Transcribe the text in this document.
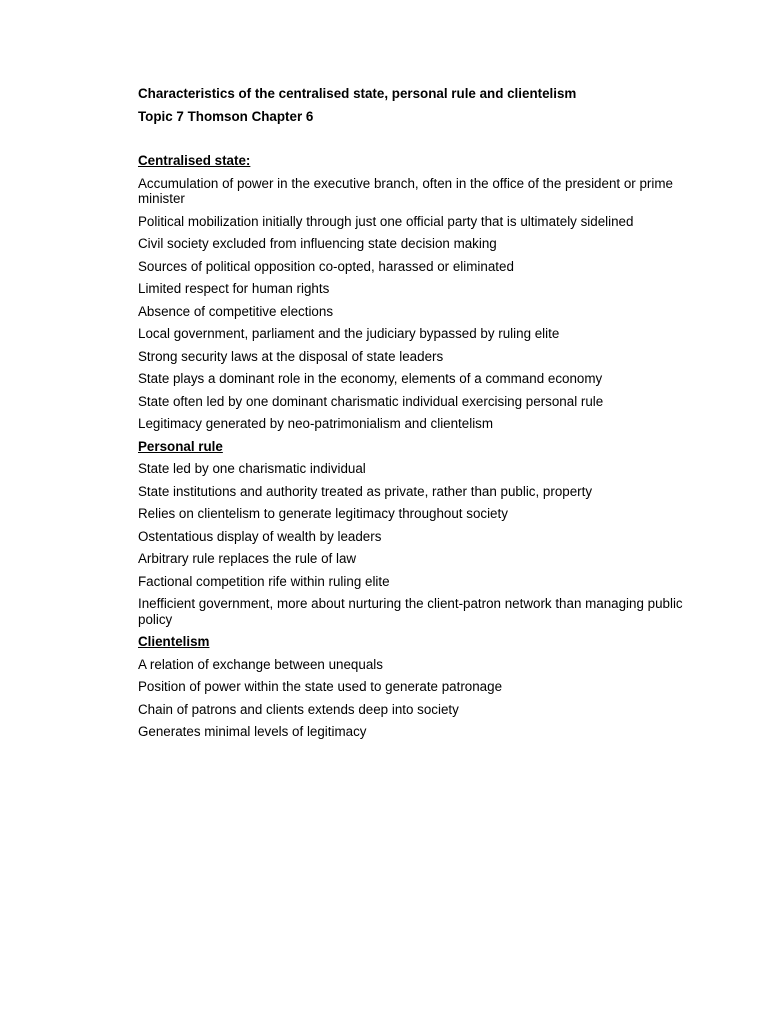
Characteristics of the centralised state, personal rule and clientelism
Topic 7 Thomson Chapter 6
Centralised state:
Accumulation of power in the executive branch, often in the office of the president or prime minister
Political mobilization initially through just one official party that is ultimately sidelined
Civil society excluded from influencing state decision making
Sources of political opposition co-opted, harassed or eliminated
Limited respect for human rights
Absence of competitive elections
Local government, parliament and the judiciary bypassed by ruling elite
Strong security laws at the disposal of state leaders
State plays a dominant role in the economy, elements of a command economy
State often led by one dominant charismatic individual exercising personal rule
Legitimacy generated by neo-patrimonialism and clientelism
Personal rule
State led by one charismatic individual
State institutions and authority treated as private, rather than public, property
Relies on clientelism to generate legitimacy throughout society
Ostentatious display of wealth by leaders
Arbitrary rule replaces the rule of law
Factional competition rife within ruling elite
Inefficient government, more about nurturing the client-patron network than managing public policy
Clientelism
A relation of exchange between unequals
Position of power within the state used to generate patronage
Chain of patrons and clients extends deep into society
Generates minimal levels of legitimacy
